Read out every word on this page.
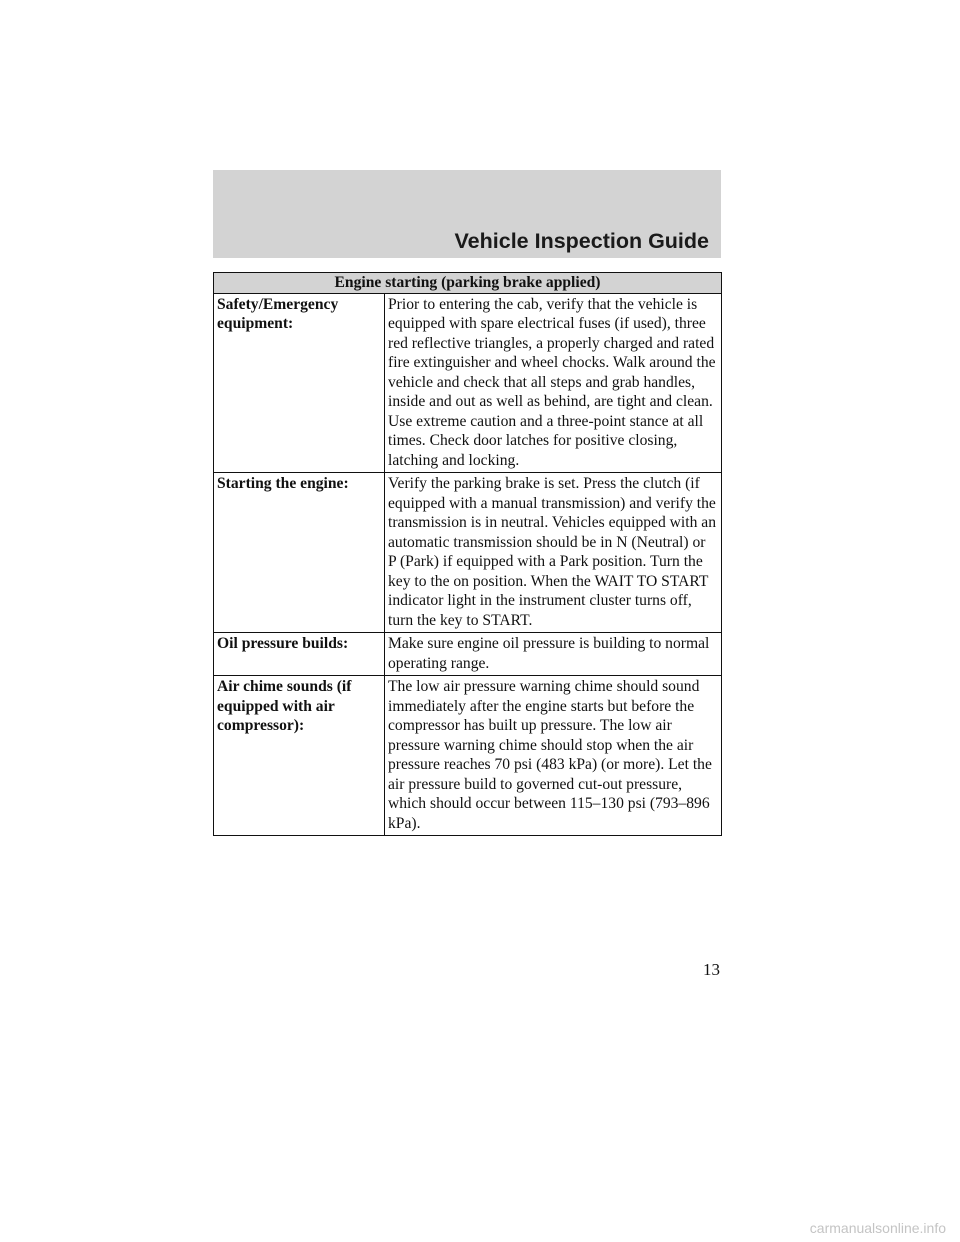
Vehicle Inspection Guide
Engine starting (parking brake applied)	
Safety/Emergency equipment:	Prior to entering the cab, verify that the vehicle is equipped with spare electrical fuses (if used), three red reflective triangles, a properly charged and rated fire extinguisher and wheel chocks. Walk around the vehicle and check that all steps and grab handles, inside and out as well as behind, are tight and clean. Use extreme caution and a three-point stance at all times. Check door latches for positive closing, latching and locking.
Starting the engine:	Verify the parking brake is set. Press the clutch (if equipped with a manual transmission) and verify the transmission is in neutral. Vehicles equipped with an automatic transmission should be in N (Neutral) or P (Park) if equipped with a Park position. Turn the key to the on position. When the WAIT TO START indicator light in the instrument cluster turns off, turn the key to START.
Oil pressure builds:	Make sure engine oil pressure is building to normal operating range.
Air chime sounds (if equipped with air compressor):	The low air pressure warning chime should sound immediately after the engine starts but before the compressor has built up pressure. The low air pressure warning chime should stop when the air pressure reaches 70 psi (483 kPa) (or more). Let the air pressure build to governed cut-out pressure, which should occur between 115–130 psi (793–896 kPa).
13
carmanualsonline.info
